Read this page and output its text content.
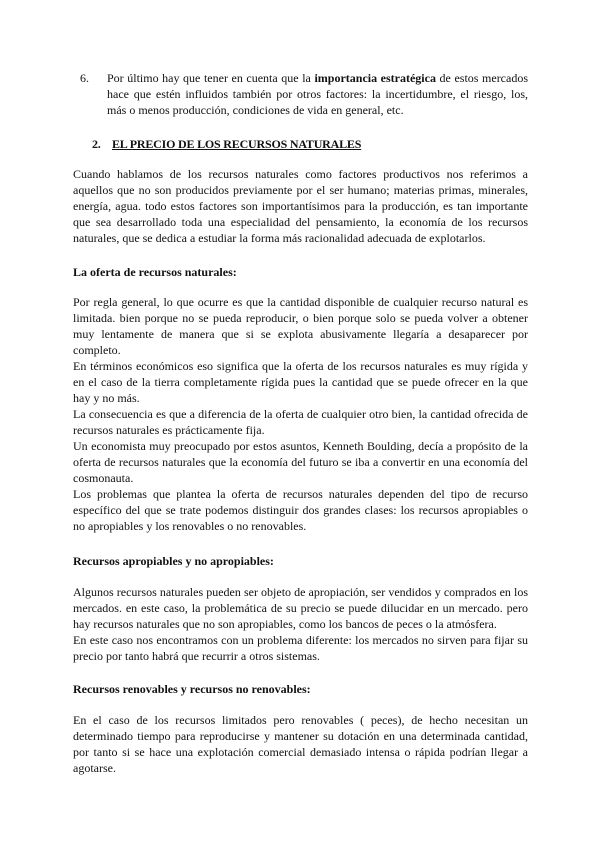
6. Por último hay que tener en cuenta que la importancia estratégica de estos mercados hace que estén influidos también por otros factores: la incertidumbre, el riesgo, los, más o menos producción, condiciones de vida en general, etc.
2. EL PRECIO DE LOS RECURSOS NATURALES

Cuando hablamos de los recursos naturales como factores productivos nos referimos a aquellos que no son producidos previamente por el ser humano; materias primas, minerales, energía, agua. todo estos factores son importantísimos para la producción, es tan importante que sea desarrollado toda una especialidad del pensamiento, la economía de los recursos naturales, que se dedica a estudiar la forma más racionalidad adecuada de explotarlos.

La oferta de recursos naturales:

Por regla general, lo que ocurre es que la cantidad disponible de cualquier recurso natural es limitada. bien porque no se pueda reproducir, o bien porque solo se pueda volver a obtener muy lentamente de manera que si se explota abusivamente llegaría a desaparecer por completo.

En términos económicos eso significa que la oferta de los recursos naturales es muy rígida y en el caso de la tierra completamente rígida pues la cantidad que se puede ofrecer en la que hay y no más.

La consecuencia es que a diferencia de la oferta de cualquier otro bien, la cantidad ofrecida de recursos naturales es prácticamente fija.

Un economista muy preocupado por estos asuntos, Kenneth Boulding, decía a propósito de la oferta de recursos naturales que la economía del futuro se iba a convertir en una economía del cosmonauta.

Los problemas que plantea la oferta de recursos naturales dependen del tipo de recurso específico del que se trate podemos distinguir dos grandes clases: los recursos apropiables o no apropiables y los renovables o no renovables.

Recursos apropiables y no apropiables:

Algunos recursos naturales pueden ser objeto de apropiación, ser vendidos y comprados en los mercados. en este caso, la problemática de su precio se puede dilucidar en un mercado. pero hay recursos naturales que no son apropiables, como los bancos de peces o la atmósfera.

En este caso nos encontramos con un problema diferente: los mercados no sirven para fijar su precio por tanto habrá que recurrir a otros sistemas.

Recursos renovables y recursos no renovables:

En el caso de los recursos limitados pero renovables ( peces), de hecho necesitan un determinado tiempo para reproducirse y mantener su dotación en una determinada cantidad, por tanto si se hace una explotación comercial demasiado intensa o rápida podrían llegar a agotarse.
